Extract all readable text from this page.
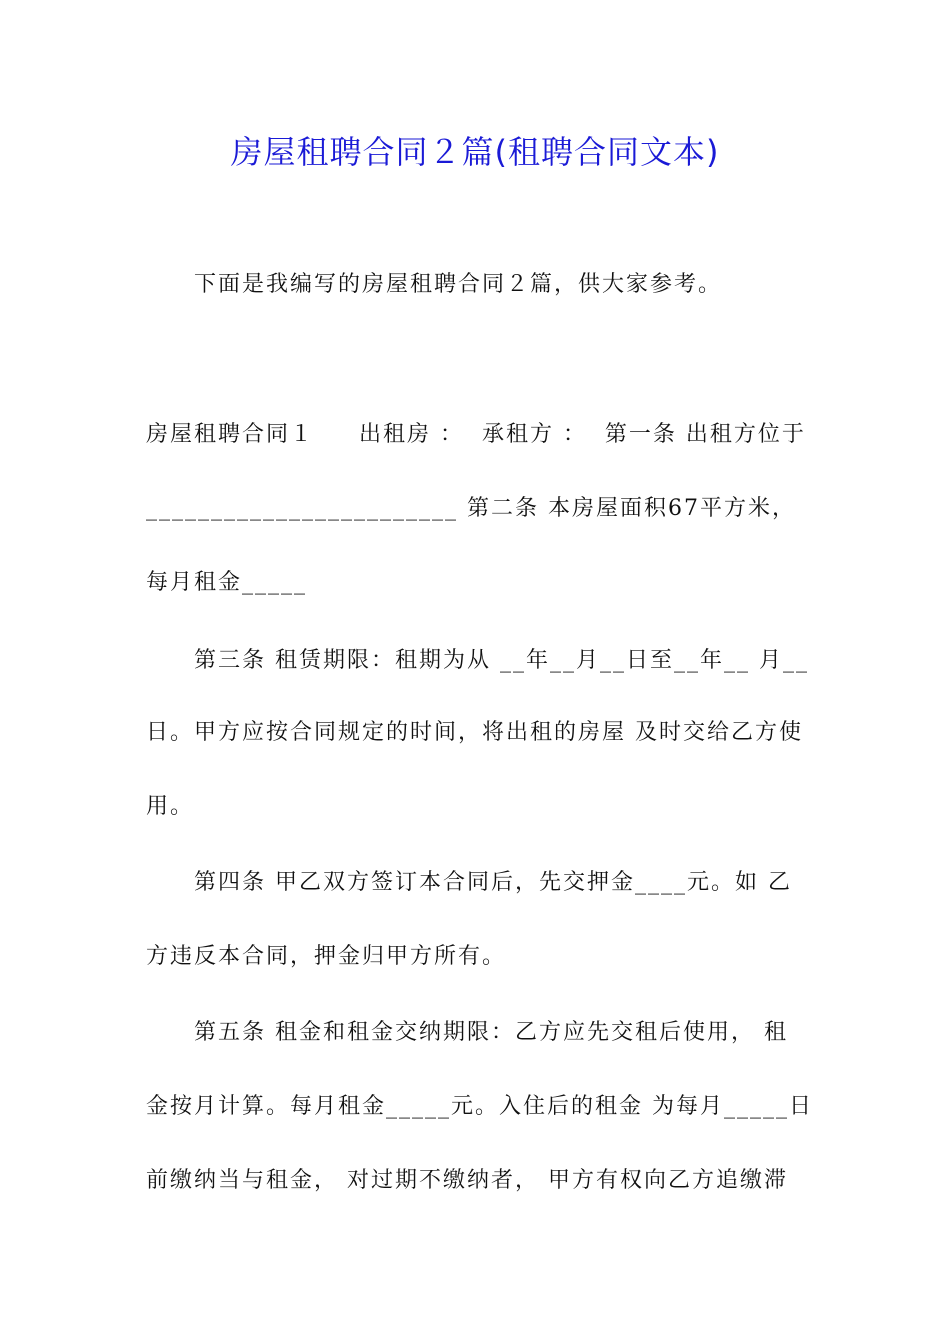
房屋租聘合同２篇(租聘合同文本)
下面是我编写的房屋租聘合同２篇，供大家参考。
房屋租聘合同１     出租房 ：  承租方 ：  第一条 出租方位于
________________________ 第二条 本房屋面积67平方米，
每月租金_____
第三条 租赁期限：租期为从 __年__月__日至__年__ 月__
日。甲方应按合同规定的时间，将出租的房屋 及时交给乙方使
用。
第四条 甲乙双方签订本合同后，先交押金____元。如 乙
方违反本合同，押金归甲方所有。
第五条 租金和租金交纳期限：乙方应先交租后使用， 租
金按月计算。每月租金_____元。入住后的租金 为每月_____日
前缴纳当与租金， 对过期不缴纳者， 甲方有权向乙方追缴滞
